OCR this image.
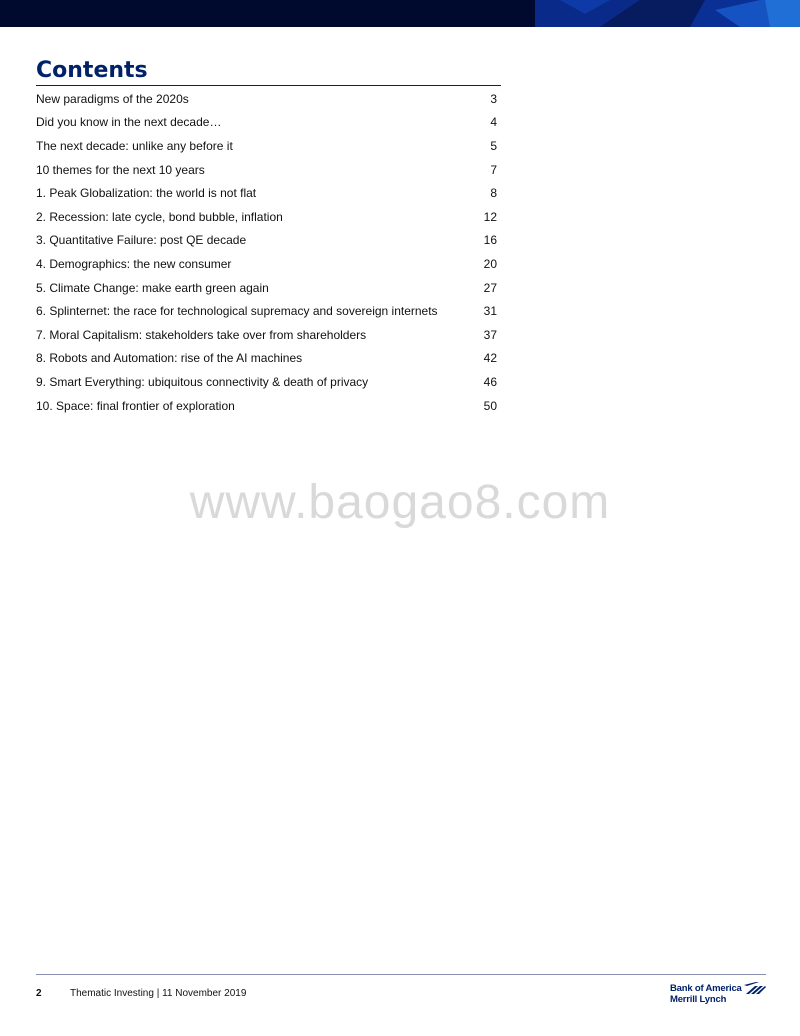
Contents
New paradigms of the 2020s	3
Did you know in the next decade…	4
The next decade: unlike any before it	5
10 themes for the next 10 years	7
1. Peak Globalization: the world is not flat	8
2. Recession: late cycle, bond bubble, inflation	12
3. Quantitative Failure: post QE decade	16
4. Demographics: the new consumer	20
5. Climate Change: make earth green again	27
6. Splinternet: the race for technological supremacy and sovereign internets	31
7. Moral Capitalism: stakeholders take over from shareholders	37
8. Robots and Automation: rise of the AI machines	42
9. Smart Everything: ubiquitous connectivity & death of privacy	46
10. Space: final frontier of exploration	50
www.baogao8.com
2	Thematic Investing | 11 November 2019	Bank of America
Merrill Lynch
